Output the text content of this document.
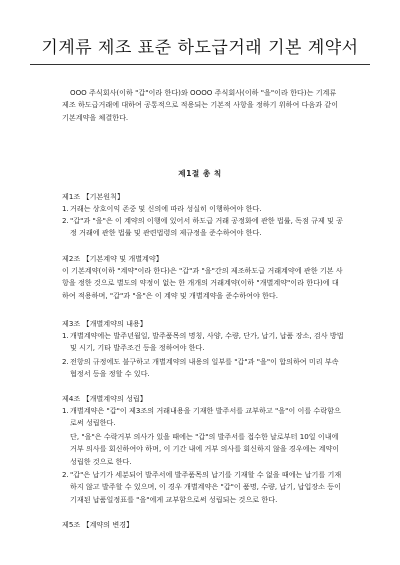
기계류 제조 표준 하도급거래 기본 계약서
OOO 주식회사(이하 "갑"이라 한다)와 OOOO 주식회사(이하 "을"이라 한다)는 기계류 제조 하도급거래에 대하여 공통적으로 적용되는 기본적 사항을 정하기 위하여 다음과 같이 기본계약을 체결한다.
제1절 총 칙
제1조 【기본원칙】
1. 거래는 상호이익 존중 및 신의에 따라 성실히 이행하여야 한다.
2. "갑"과 "을"은 이 계약의 이행에 있어서 하도급 거래 공정화에 관한 법률, 독점 규제 및 공정 거래에 관한 법률 및 관련법령의 제규정을 준수하여야 한다.
제2조 【기본계약 및 개별계약】
이 기본계약(이하 "계약"이라 한다)은 "갑"과 "을"간의 제조하도급 거래계약에 관한 기본 사항을 정한 것으로 별도의 약정이 없는 한 개개의 거래계약(이하 "개별계약"이라 한다)에 대하여 적용하며, "갑"과 "을"은 이 계약 및 개별계약을 준수하여야 한다.
제3조 【개별계약의 내용】
1. 개별계약에는 발주년월일, 발주품목의 명칭, 사양, 수량, 단가, 납기, 납품 장소, 검사 방법 및 시기, 기타 발주조건 등을 정하여야 한다.
2. 전항의 규정에도 불구하고 개별계약의 내용의 일부를 "갑"과 "을"이 합의하여 미리 부속협정서 등을 정할 수 있다.
제4조 【개별계약의 성립】
1. 개별계약은 "갑"이 제3조의 거래내용을 기재한 발주서를 교부하고 "을"이 이를 수락함으로써 성립한다.
단, "을"은 수락거부 의사가 있을 때에는 "갑"의 발주서를 접수한 날로부터 10일 이내에 거부 의사를 회신하여야 하며, 이 기간 내에 거부 의사를 회신하지 않을 경우에는 계약이 성립한 것으로 한다.
2. "갑"은 납기가 세분되어 발주서에 발주품목의 납기를 기재할 수 없을 때에는 납기를 기재하지 않고 발주할 수 있으며, 이 경우 개별계약은 "갑"이 품명, 수량, 납기, 납입장소 등이 기재된 납품일정표를 "을"에게 교부함으로써 성립되는 것으로 한다.
제5조 【계약의 변경】
